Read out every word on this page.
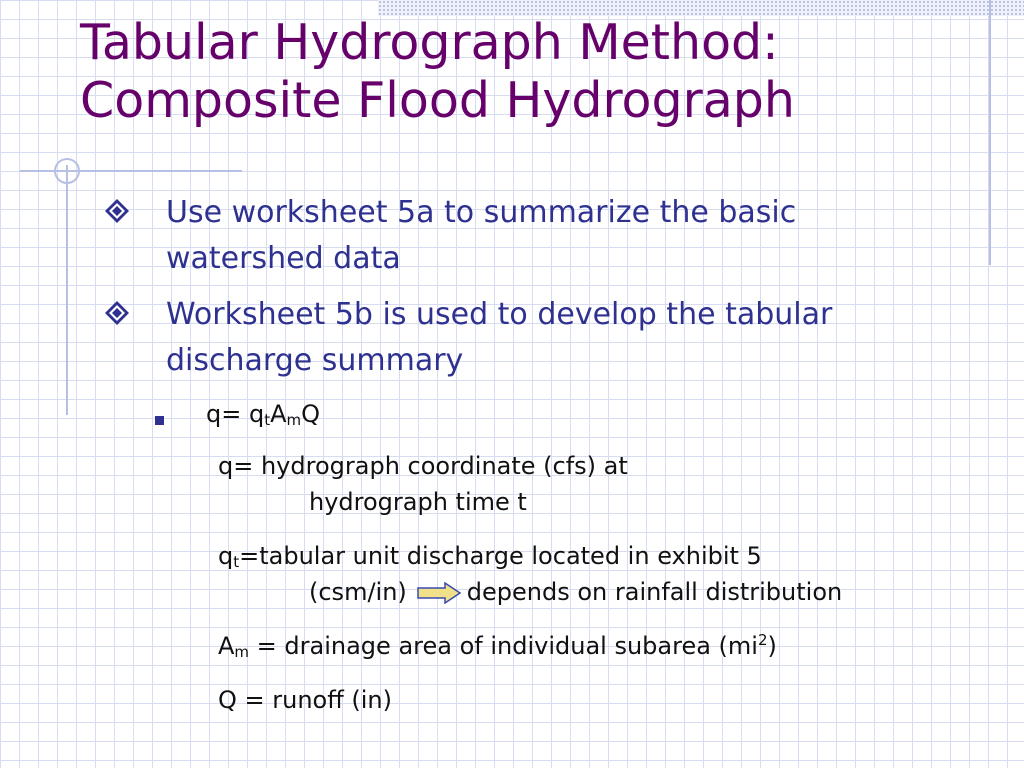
Tabular Hydrograph Method:
Composite Flood Hydrograph
Use worksheet 5a to summarize the basic
watershed data
Worksheet 5b is used to develop the tabular
discharge summary
$q= q_tA_mQ$
q= hydrograph coordinate (cfs) at
hydrograph time t
$q_t=tabular$ unit discharge located in exhibit 5
(csm/in)	depends on rainfall distribution
$A_m$ = drainage area of individual subarea $(mi^2)$
Q = runoff (in)
